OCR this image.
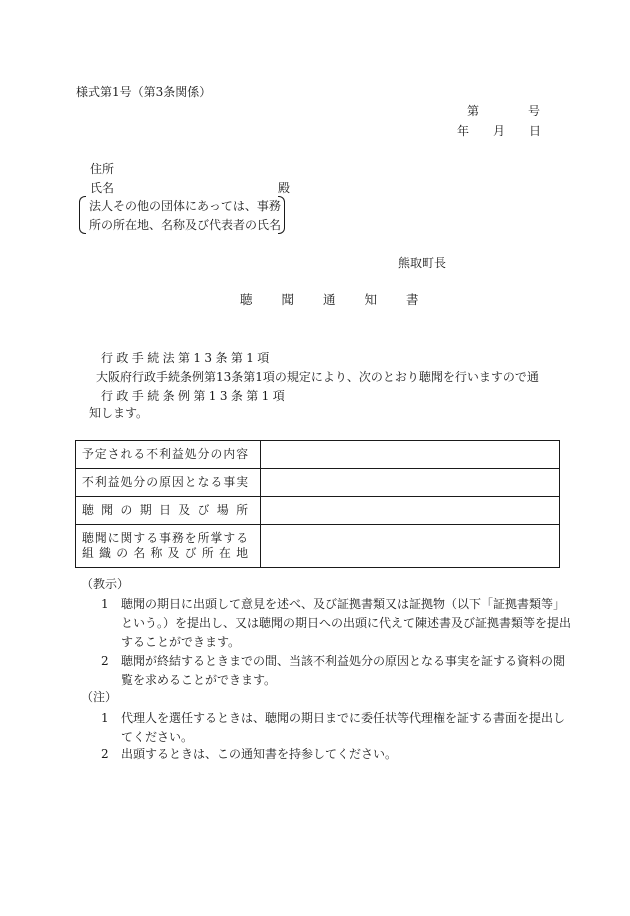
様式第1号（第3条関係）
第	号
年 月 日
住所
氏名	殿
法人その他の団体にあっては、事務
所の所在地、名称及び代表者の氏名
熊取町長
聴聞通知書
行政手続法第13条第1項
大阪府行政手続条例第13条第1項の規定により、次のとおり聴聞を行いますので通
行政手続条例第13条第1項
知します。
予定される不利益処分の内容	

不利益処分の原因となる事実	

聴聞の期日及び場所	

聴聞に関する事務を所掌する
組織の名称及び所在地	

（教示）
1 聴聞の期日に出頭して意見を述べ、及び証拠書類又は証拠物（以下「証拠書類等」
という。）を提出し、又は聴聞の期日への出頭に代えて陳述書及び証拠書類等を提出
することができます。
2 聴聞が終結するときまでの間、当該不利益処分の原因となる事実を証する資料の閲
覧を求めることができます。
（注）
1 代理人を選任するときは、聴聞の期日までに委任状等代理権を証する書面を提出し
てください。
2 出頭するときは、この通知書を持参してください。
